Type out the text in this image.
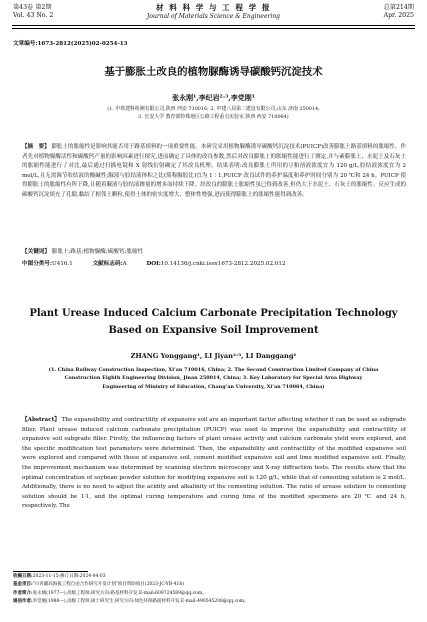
第43卷 第2期
Vol. 43 No. 2
材 料 科 学 与 工 程 学 报
Journal of Materials Science & Engineering
总第214期
Apr. 2025
文章编号:1673-2812(2025)02-0254-13
基于膨胀土改良的植物脲酶诱导碳酸钙沉淀技术
张永刚¹,李纪岩²˒³,李党刚¹
(1. 中铁建科检测有限公司,陕西 西安 710016; 2. 中建八局第二建设有限公司,山东 济南 250014;
3. 长安大学 教育部特殊地区公路工程重点实验室,陕西 西安 710064)
【摘　要】 膨胀土的胀缩性是影响其能否用于路基填料的一项重要性能。本研究采用植物脲酶诱导碳酸钙沉淀技术(PUICP)改善膨胀土路基填料的胀缩性。作者先对植物脲酶活性和碳酸钙产量的影响因素进行探究,进而确定了具体的改良参数,然后对改良膨胀土的胀缩性能进行了测定,并与素膨胀土、水泥土及石灰土的胀缩性能进行了对比,最后通过扫描电镜和 X 射线衍射确定了其改良机理。结果表明:改良膨胀土所用的豆粕溶液浓度宜为 120 g/L,胶结液浓度宜为 2 mol/L,且无需调节胶结液的酸碱性;脲液与胶结液体积之比(简称脲胶比)宜为 1∶1,PUICP 改良试件的养护温度和养护时间分别为 20 ℃和 24 h。PUICP 使得膨胀土的胀缩性有所下降,且随着脲液与胶结液掺量的增多而持续下降。经改良的膨胀土胀缩性虽已得到改善,但仍大于水泥土、石灰土的胀缩性。反应生成的碳酸钙沉淀填充了孔隙,黏结了相邻土颗粒,使得土体的密实度增大、整体性增强,进而使得膨胀土的胀缩性能得到改善。
【关键词】 膨胀土;路基;植物脲酶;碳酸钙;胀缩性
中图分类号:U416.1	文献标志码:A	DOI:10.14136/j.cnki.issn1673-2812.2025.02.012
Plant Urease Induced Calcium Carbonate Precipitation Technology
Based on Expansive Soil Improvement
ZHANG Yonggang¹, LI Jiyan²˒³, LI Danggang¹
(1. China Railway Construction Inspection, Xi’an 710016, China; 2. The Second Construction Limited Company of China
Construction Eighth Engineering Division, Jinan 250014, China; 3. Key Laboratory for Special Area Highway
Engineering of Ministry of Education, Chang’an University, Xi’an 710064, China)
【Abstract】 The expansibility and contractility of expansive soil are an important factor affecting whether it can be used as subgrade filler. Plant urease induced calcium carbonate precipitation (PUICP) was used to improve the expansibility and contractility of expansive soil subgrade filler. Firstly, the influencing factors of plant urease activity and calcium carbonate yield were explored, and the specific modification test parameters were determined. Then, the expansibility and contractility of the modified expansive soil were explored and compared with those of expansive soil, cement modified expansive soil and lime modified expansive soil. Finally, the improvement mechanism was determined by scanning electron microscopy and X-ray diffraction tests. The results show that the optimal concentration of soybean powder solution for modifying expansive soil is 120 g/L, while that of cementing solution is 2 mol/L. Additionally, there is no need to adjust the acidity and alkalinity of the cementing solution. The ratio of urease solution to cementing solution should be 1∶1, and the optimal curing temperature and curing time of the modified specimens are 20 ℃ and 24 h, respectively. The
收稿日期:2023-11-15;修订日期:2024-04-03
基金项目:"川青藏高海拔工程自由合作研究开发计划"项目资助项目(2023-JC-YB-418)
作者简介:张永刚(1977—),高级工程师,研究方向:路基材料开发,E-mail:609724589@qq.com。
通信作者:李党刚(1988—),高级工程师,硕士研究生,研究方向:绿色环保路面材料开发,E-mail:490545208@qq.com。
